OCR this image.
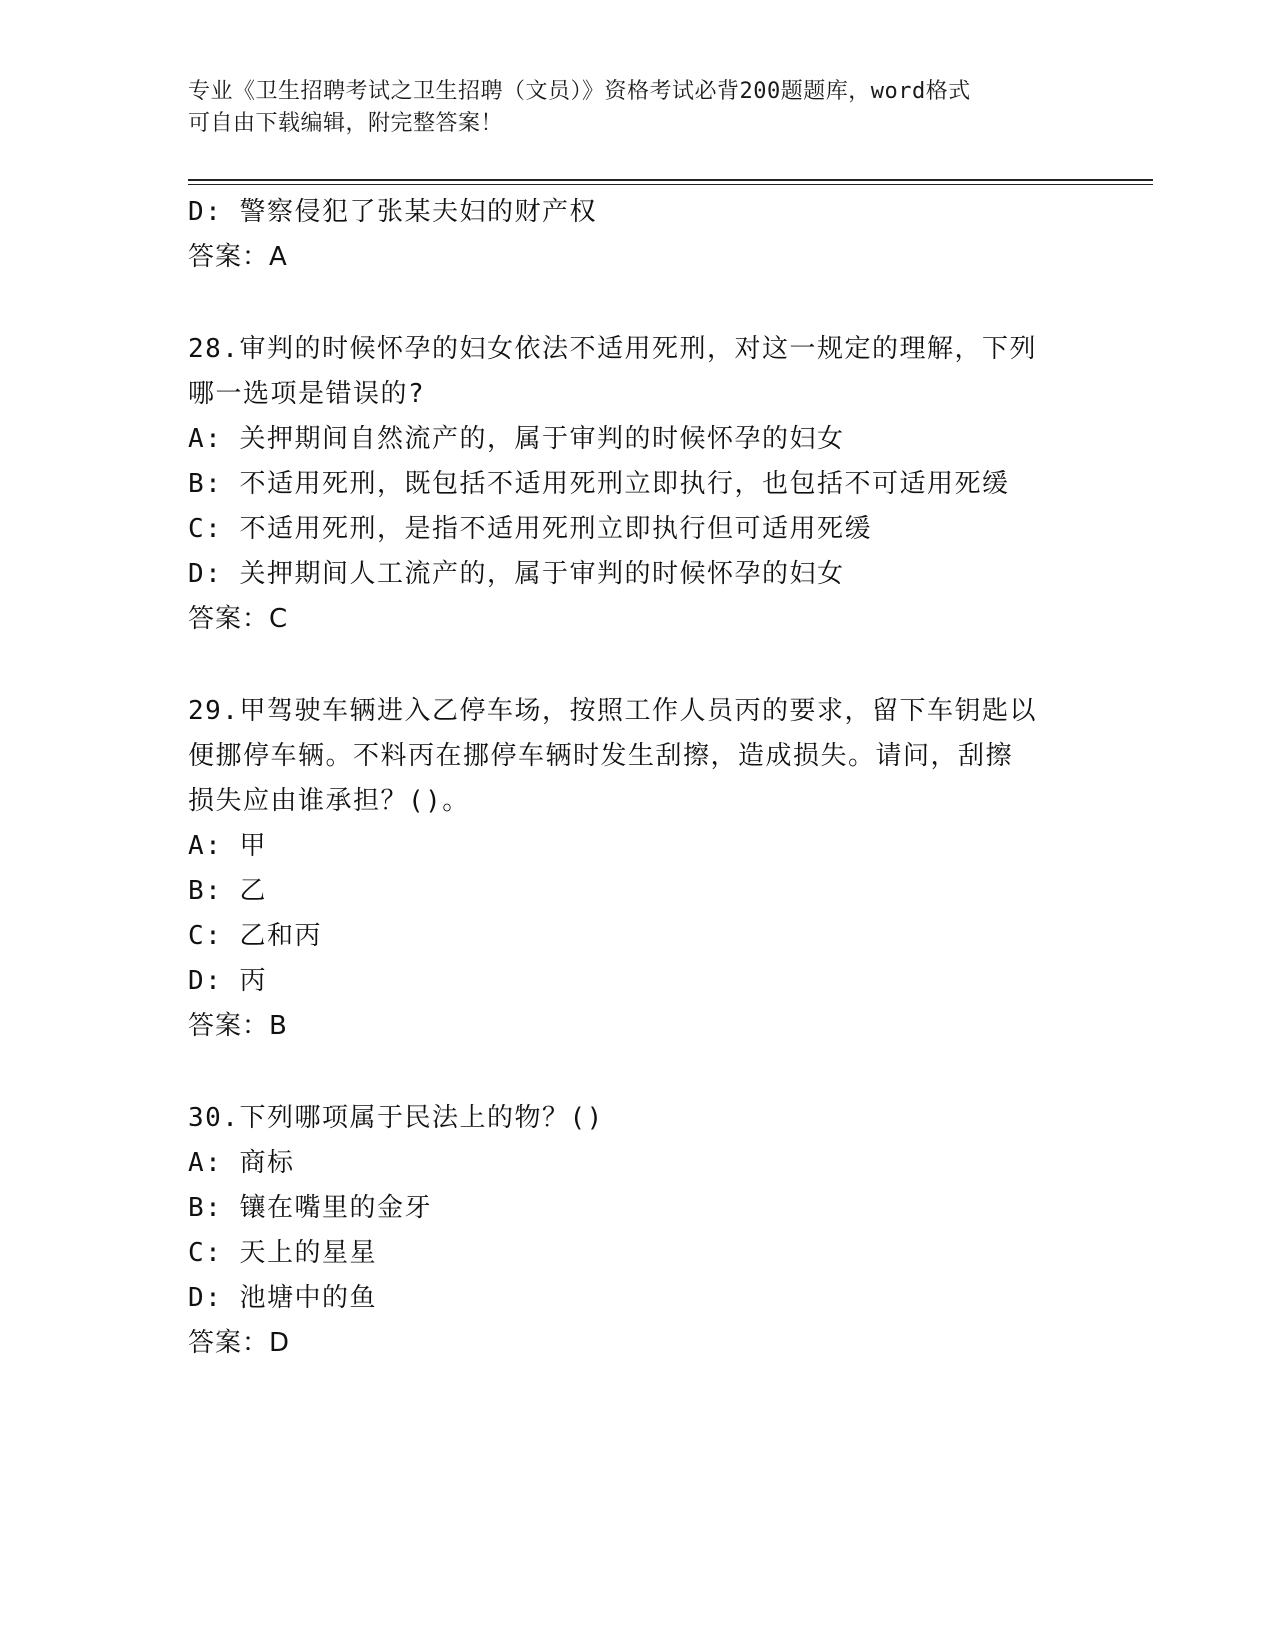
专业《卫生招聘考试之卫生招聘（文员）》资格考试必背200题题库，word格式
可自由下载编辑，附完整答案！
D: 警察侵犯了张某夫妇的财产权
答案：A
28.审判的时候怀孕的妇女依法不适用死刑，对这一规定的理解，下列
哪一选项是错误的?
A: 关押期间自然流产的，属于审判的时候怀孕的妇女
B: 不适用死刑，既包括不适用死刑立即执行，也包括不可适用死缓
C: 不适用死刑，是指不适用死刑立即执行但可适用死缓
D: 关押期间人工流产的，属于审判的时候怀孕的妇女
答案：C
29.甲驾驶车辆进入乙停车场，按照工作人员丙的要求，留下车钥匙以
便挪停车辆。不料丙在挪停车辆时发生刮擦，造成损失。请问，刮擦
损失应由谁承担？()。
A: 甲
B: 乙
C: 乙和丙
D: 丙
答案：B
30.下列哪项属于民法上的物？()
A: 商标
B: 镶在嘴里的金牙
C: 天上的星星
D: 池塘中的鱼
答案：D
